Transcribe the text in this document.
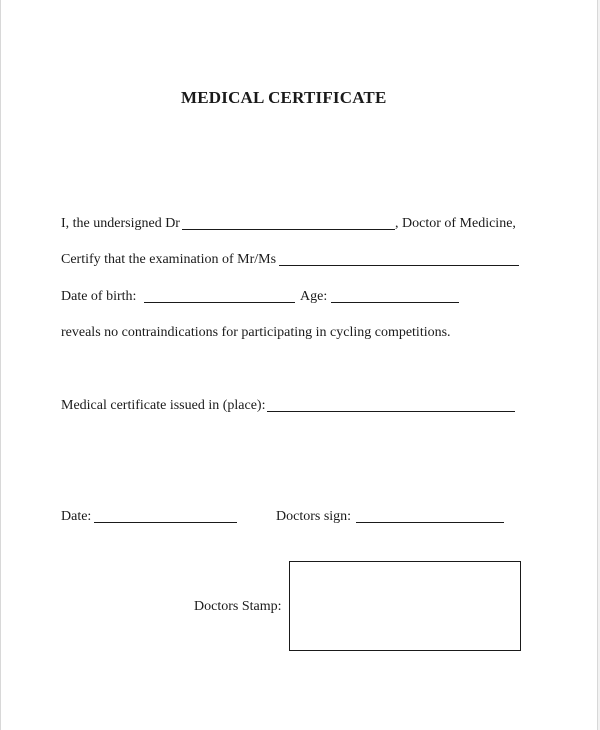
MEDICAL CERTIFICATE
I, the undersigned Dr	, Doctor of Medicine,
Certify that the examination of Mr/Ms
Date of birth:	Age:
reveals no contraindications for participating in cycling competitions.
Medical certificate issued in (place):
Date:	Doctors sign:
Doctors Stamp:
